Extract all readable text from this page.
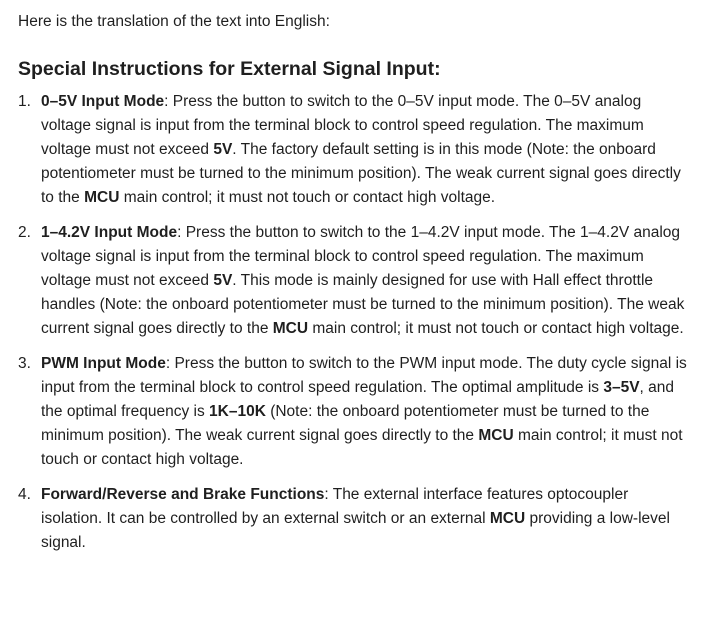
Here is the translation of the text into English:

Special Instructions for External Signal Input:
1. 0–5V Input Mode: Press the button to switch to the 0–5V input mode. The 0–5V analog voltage signal is input from the terminal block to control speed regulation. The maximum voltage must not exceed 5V. The factory default setting is in this mode (Note: the onboard potentiometer must be turned to the minimum position). The weak current signal goes directly to the MCU main control; it must not touch or contact high voltage.
2. 1–4.2V Input Mode: Press the button to switch to the 1–4.2V input mode. The 1–4.2V analog voltage signal is input from the terminal block to control speed regulation. The maximum voltage must not exceed 5V. This mode is mainly designed for use with Hall effect throttle handles (Note: the onboard potentiometer must be turned to the minimum position). The weak current signal goes directly to the MCU main control; it must not touch or contact high voltage.
3. PWM Input Mode: Press the button to switch to the PWM input mode. The duty cycle signal is input from the terminal block to control speed regulation. The optimal amplitude is 3–5V, and the optimal frequency is 1K–10K (Note: the onboard potentiometer must be turned to the minimum position). The weak current signal goes directly to the MCU main control; it must not touch or contact high voltage.
4. Forward/Reverse and Brake Functions: The external interface features optocoupler isolation. It can be controlled by an external switch or an external MCU providing a low-level signal.
